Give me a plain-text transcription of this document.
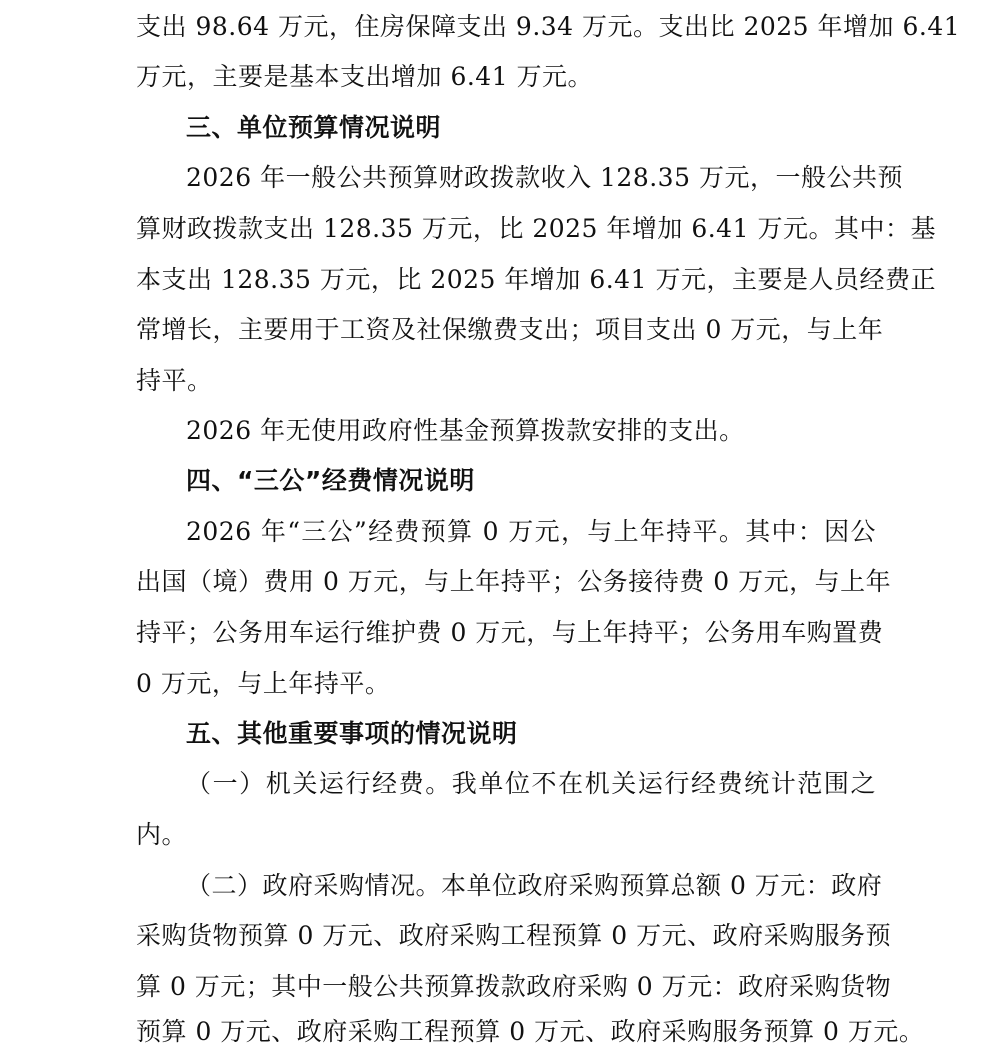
支出 98.64 万元，住房保障支出 9.34 万元。支出比 2025 年增加 6.41
万元，主要是基本支出增加 6.41 万元。
三、单位预算情况说明
2026 年一般公共预算财政拨款收入 128.35 万元，一般公共预
算财政拨款支出 128.35 万元，比 2025 年增加 6.41 万元。其中：基
本支出 128.35 万元，比 2025 年增加 6.41 万元，主要是人员经费正
常增长，主要用于工资及社保缴费支出；项目支出 0 万元，与上年
持平。
2026 年无使用政府性基金预算拨款安排的支出。
四、“三公”经费情况说明
2026 年“三公”经费预算 0 万元，与上年持平。其中：因公
出国（境）费用 0 万元，与上年持平；公务接待费 0 万元，与上年
持平；公务用车运行维护费 0 万元，与上年持平；公务用车购置费
0 万元，与上年持平。
五、其他重要事项的情况说明
（一）机关运行经费。我单位不在机关运行经费统计范围之
内。
（二）政府采购情况。本单位政府采购预算总额 0 万元：政府
采购货物预算 0 万元、政府采购工程预算 0 万元、政府采购服务预
算 0 万元；其中一般公共预算拨款政府采购 0 万元：政府采购货物
预算 0 万元、政府采购工程预算 0 万元、政府采购服务预算 0 万元。
